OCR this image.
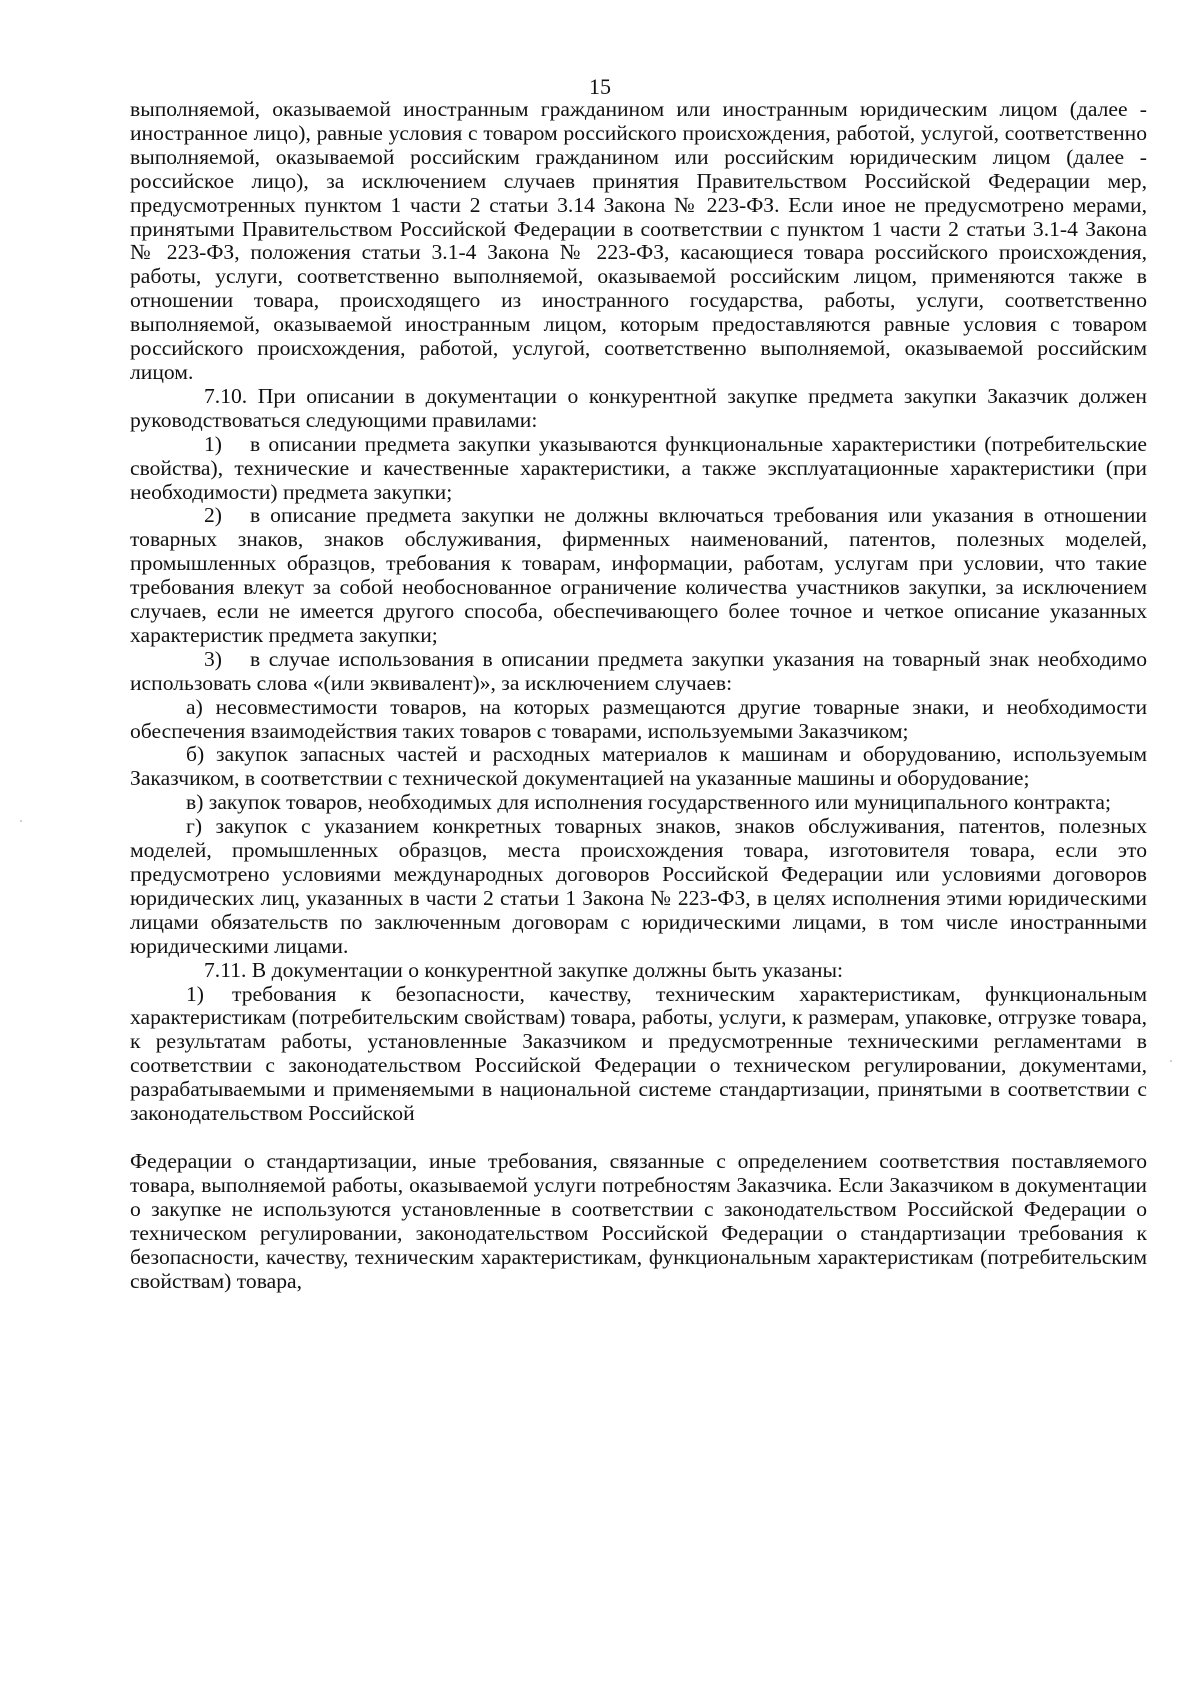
15

выполняемой, оказываемой иностранным гражданином или иностранным юридическим лицом (далее - иностранное лицо), равные условия с товаром российского происхождения, работой, услугой, соответственно выполняемой, оказываемой российским гражданином или российским юридическим лицом (далее - российское лицо), за исключением случаев принятия Правительством Российской Федерации мер, предусмотренных пунктом 1 части 2 статьи 3.14 Закона № 223-ФЗ. Если иное не предусмотрено мерами, принятыми Правительством Российской Федерации в соответствии с пунктом 1 части 2 статьи 3.1-4 Закона № 223-ФЗ, положения статьи 3.1-4 Закона № 223-ФЗ, касающиеся товара российского происхождения, работы, услуги, соответственно выполняемой, оказываемой российским лицом, применяются также в отношении товара, происходящего из иностранного государства, работы, услуги, соответственно выполняемой, оказываемой иностранным лицом, которым предоставляются равные условия с товаром российского происхождения, работой, услугой, соответственно выполняемой, оказываемой российским лицом.

7.10. При описании в документации о конкурентной закупке предмета закупки Заказчик должен руководствоваться следующими правилами:

1) в описании предмета закупки указываются функциональные характеристики (потребительские свойства), технические и качественные характеристики, а также эксплуатационные характеристики (при необходимости) предмета закупки;

2) в описание предмета закупки не должны включаться требования или указания в отношении товарных знаков, знаков обслуживания, фирменных наименований, патентов, полезных моделей, промышленных образцов, требования к товарам, информации, работам, услугам при условии, что такие требования влекут за собой необоснованное ограничение количества участников закупки, за исключением случаев, если не имеется другого способа, обеспечивающего более точное и четкое описание указанных характеристик предмета закупки;

3) в случае использования в описании предмета закупки указания на товарный знак необходимо использовать слова «(или эквивалент)», за исключением случаев:

а) несовместимости товаров, на которых размещаются другие товарные знаки, и необходимости обеспечения взаимодействия таких товаров с товарами, используемыми Заказчиком;

б) закупок запасных частей и расходных материалов к машинам и оборудованию, используемым Заказчиком, в соответствии с технической документацией на указанные машины и оборудование;

в) закупок товаров, необходимых для исполнения государственного или муниципального контракта;

г) закупок с указанием конкретных товарных знаков, знаков обслуживания, патентов, полезных моделей, промышленных образцов, места происхождения товара, изготовителя товара, если это предусмотрено условиями международных договоров Российской Федерации или условиями договоров юридических лиц, указанных в части 2 статьи 1 Закона № 223-ФЗ, в целях исполнения этими юридическими лицами обязательств по заключенным договорам с юридическими лицами, в том числе иностранными юридическими лицами.

7.11. В документации о конкурентной закупке должны быть указаны:

1) требования к безопасности, качеству, техническим характеристикам, функциональным характеристикам (потребительским свойствам) товара, работы, услуги, к размерам, упаковке, отгрузке товара, к результатам работы, установленные Заказчиком и предусмотренные техническими регламентами в соответствии с законодательством Российской Федерации о техническом регулировании, документами, разрабатываемыми и применяемыми в национальной системе стандартизации, принятыми в соответствии с законодательством Российской

Федерации о стандартизации, иные требования, связанные с определением соответствия поставляемого товара, выполняемой работы, оказываемой услуги потребностям Заказчика. Если Заказчиком в документации о закупке не используются установленные в соответствии с законодательством Российской Федерации о техническом регулировании, законодательством Российской Федерации о стандартизации требования к безопасности, качеству, техническим характеристикам, функциональным характеристикам (потребительским свойствам) товара,
